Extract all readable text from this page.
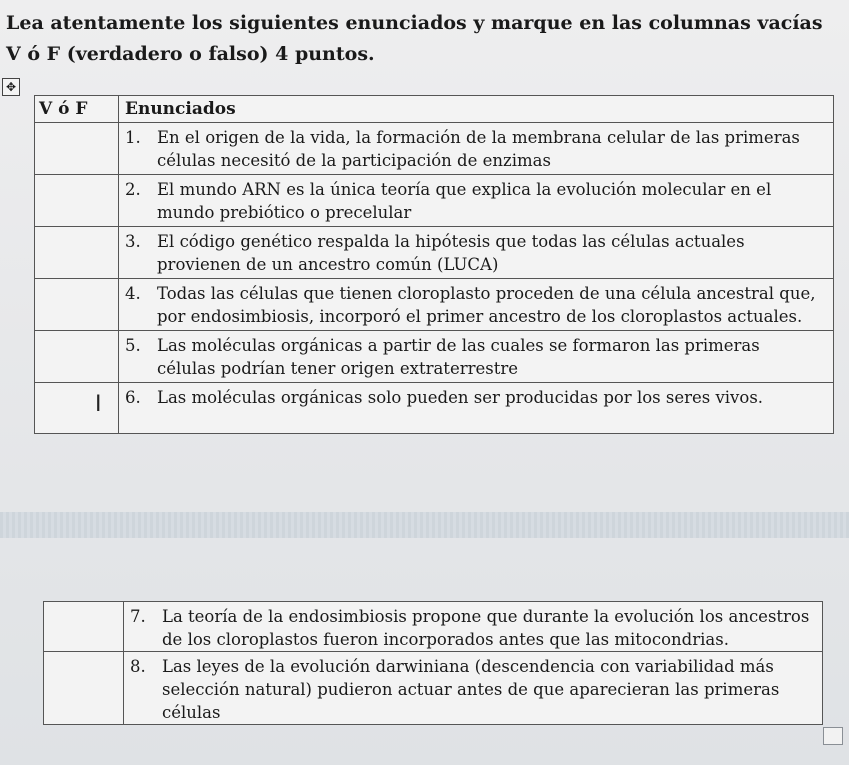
Lea atentamente los siguientes enunciados y marque en las columnas vacías
V ó F (verdadero o falso) 4 puntos.
✥
V ó F	Enunciados

	1. En el origen de la vida, la formación de la membrana celular de las primeras
células necesitó de la participación de enzimas

	2. El mundo ARN es la única teoría que explica la evolución molecular en el
mundo prebiótico o precelular

	3. El código genético respalda la hipótesis que todas las células actuales
provienen de un ancestro común (LUCA)

	4. Todas las células que tienen cloroplasto proceden de una célula ancestral que,
por endosimbiosis, incorporó el primer ancestro de los cloroplastos actuales.

	5. Las moléculas orgánicas a partir de las cuales se formaron las primeras
células podrían tener origen extraterrestre

	6. Las moléculas orgánicas solo pueden ser producidas por los seres vivos.
I

	7. La teoría de la endosimbiosis propone que durante la evolución los ancestros
de los cloroplastos fueron incorporados antes que las mitocondrias.

	8. Las leyes de la evolución darwiniana (descendencia con variabilidad más
selección natural) pudieron actuar antes de que aparecieran las primeras
células
